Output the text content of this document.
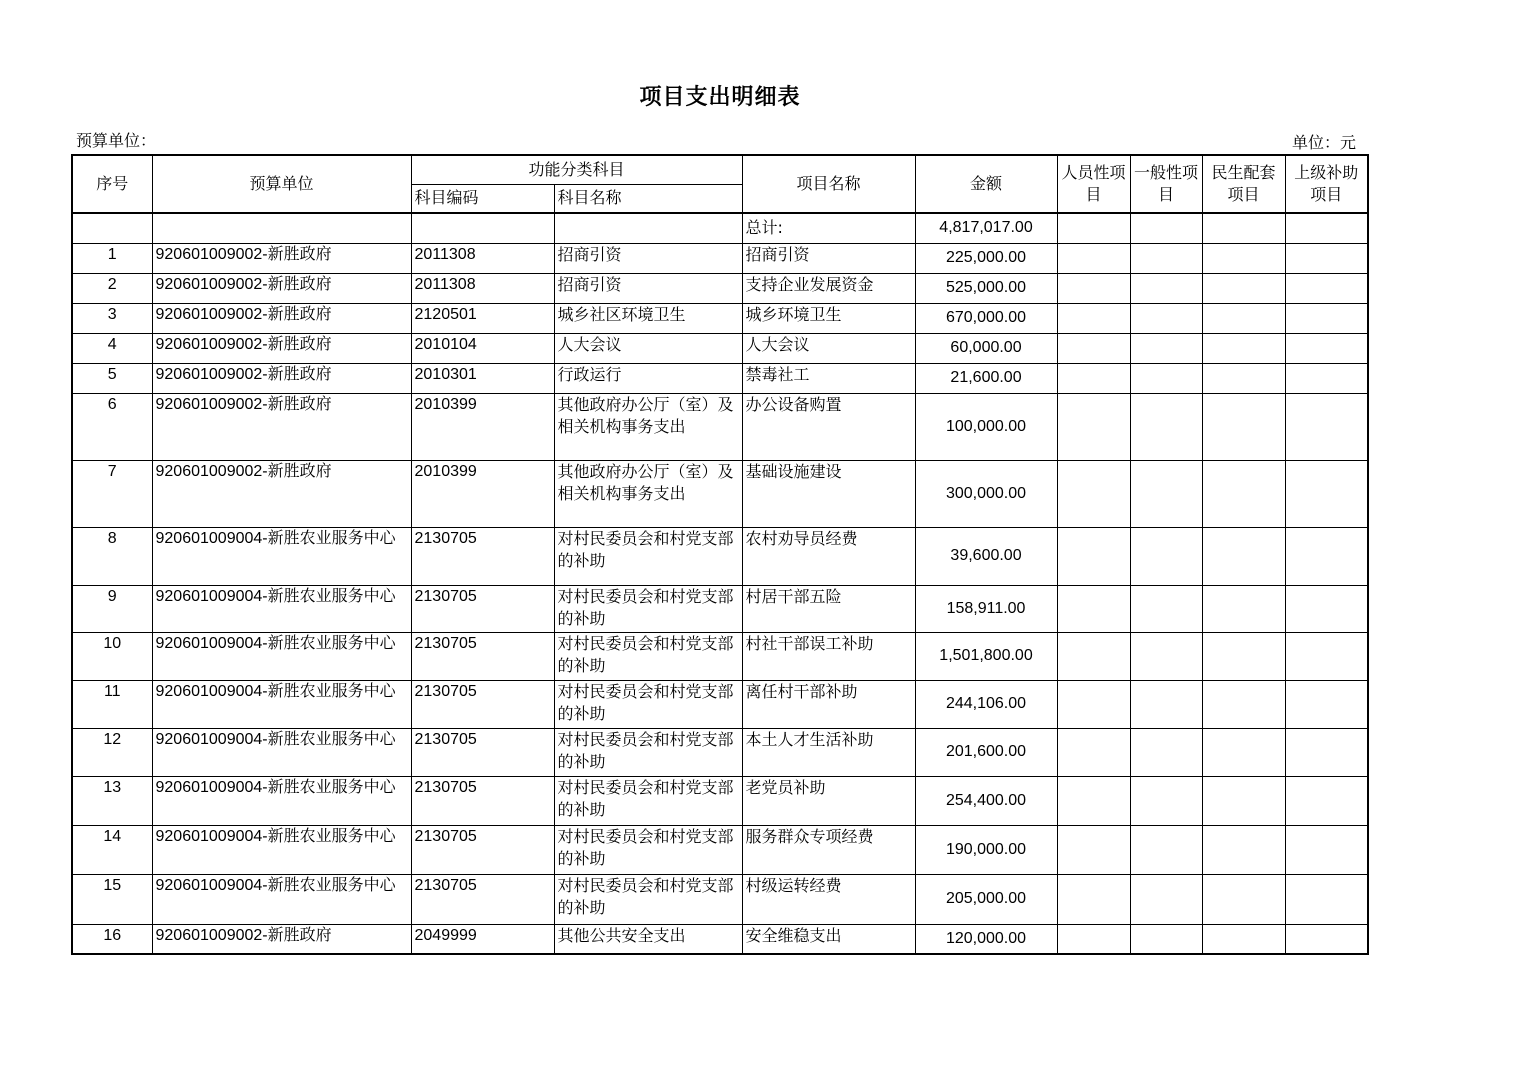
项目支出明细表
预算单位：	单位：元
序号	预算单位	功能分类科目		项目名称	金额	人员性项目	一般性项目	民生配套项目	上级补助项目
		科目编码	科目名称						
				总计:	4,817,017.00				
1	920601009002-新胜政府	2011308	招商引资	招商引资	225,000.00				
2	920601009002-新胜政府	2011308	招商引资	支持企业发展资金	525,000.00				
3	920601009002-新胜政府	2120501	城乡社区环境卫生	城乡环境卫生	670,000.00				
4	920601009002-新胜政府	2010104	人大会议	人大会议	60,000.00				
5	920601009002-新胜政府	2010301	行政运行	禁毒社工	21,600.00				
6	920601009002-新胜政府	2010399	其他政府办公厅（室）及相关机构事务支出	办公设备购置	100,000.00				
7	920601009002-新胜政府	2010399	其他政府办公厅（室）及相关机构事务支出	基础设施建设	300,000.00				
8	920601009004-新胜农业服务中心	2130705	对村民委员会和村党支部的补助	农村劝导员经费	39,600.00				
9	920601009004-新胜农业服务中心	2130705	对村民委员会和村党支部的补助	村居干部五险	158,911.00				
10	920601009004-新胜农业服务中心	2130705	对村民委员会和村党支部的补助	村社干部误工补助	1,501,800.00				
11	920601009004-新胜农业服务中心	2130705	对村民委员会和村党支部的补助	离任村干部补助	244,106.00				
12	920601009004-新胜农业服务中心	2130705	对村民委员会和村党支部的补助	本土人才生活补助	201,600.00				
13	920601009004-新胜农业服务中心	2130705	对村民委员会和村党支部的补助	老党员补助	254,400.00				
14	920601009004-新胜农业服务中心	2130705	对村民委员会和村党支部的补助	服务群众专项经费	190,000.00				
15	920601009004-新胜农业服务中心	2130705	对村民委员会和村党支部的补助	村级运转经费	205,000.00				
16	920601009002-新胜政府	2049999	其他公共安全支出	安全维稳支出	120,000.00				
